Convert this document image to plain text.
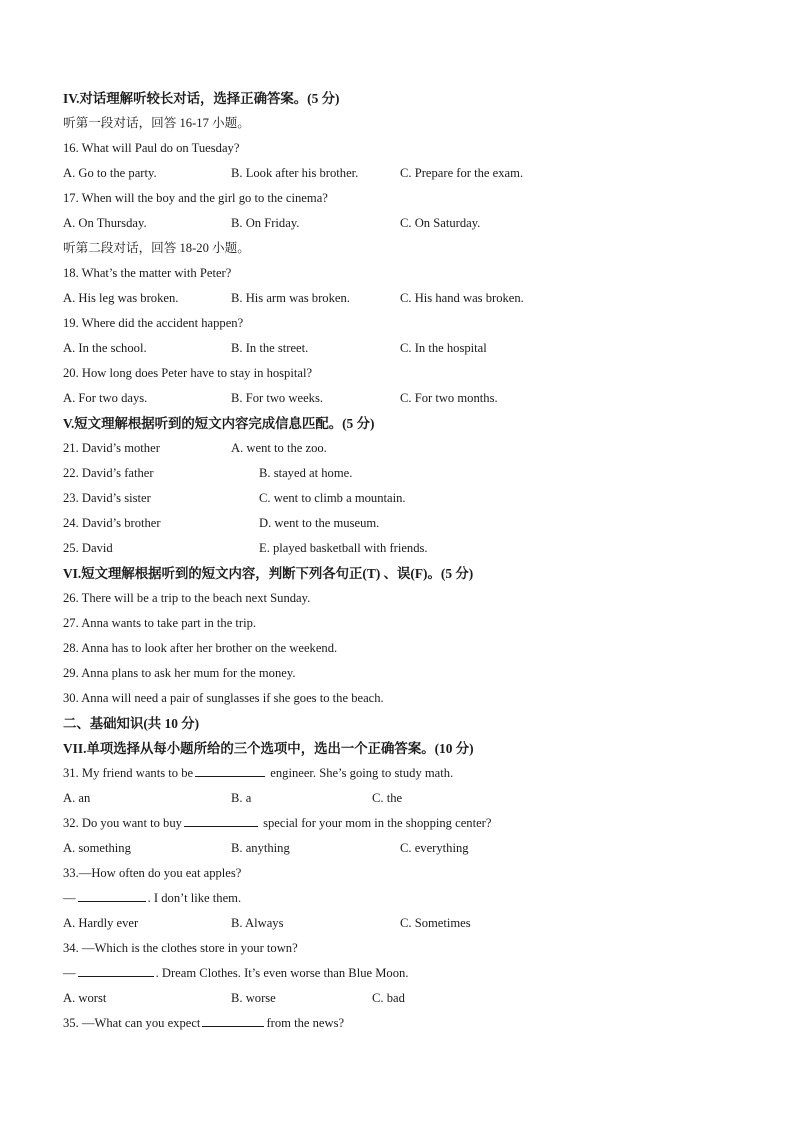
IV.对话理解听较长对话，选择正确答案。(5 分)
听第一段对话，回答 16-17 小题。
16. What will Paul do on Tuesday?
A. Go to the party.	B. Look after his brother.	C. Prepare for the exam.
17. When will the boy and the girl go to the cinema?
A. On Thursday.	B. On Friday.	C. On Saturday.
听第二段对话，回答 18-20 小题。
18. What’s the matter with Peter?
A. His leg was broken.	B. His arm was broken.	C. His hand was broken.
19. Where did the accident happen?
A. In the school.	B. In the street.	C. In the hospital
20. How long does Peter have to stay in hospital?
A. For two days.	B. For two weeks.	C. For two months.
V.短文理解根据听到的短文内容完成信息匹配。(5 分)
21. David’s mother	A. went to the zoo.
22. David’s father	B. stayed at home.
23. David’s sister	C. went to climb a mountain.
24. David’s brother	D. went to the museum.
25. David	E. played basketball with friends.
VI.短文理解根据听到的短文内容，判断下列各句正(T) 、误(F)。(5 分)
26. There will be a trip to the beach next Sunday.
27. Anna wants to take part in the trip.
28. Anna has to look after her brother on the weekend.
29. Anna plans to ask her mum for the money.
30. Anna will need a pair of sunglasses if she goes to the beach.
二、基础知识(共 10 分)
VII.单项选择从每小题所给的三个选项中，选出一个正确答案。(10 分)
31. My friend wants to be	engineer. She’s going to study math.
A. an	B. a	C. the
32. Do you want to buy	special for your mom in the shopping center?
A. something	B. anything	C. everything
33.—How often do you eat apples?
—	. I don’t like them.
A. Hardly ever	B. Always	C. Sometimes
34. —Which is the clothes store in your town?
—	. Dream Clothes. It’s even worse than Blue Moon.
A. worst	B. worse	C. bad
35. —What can you expect	from the news?
